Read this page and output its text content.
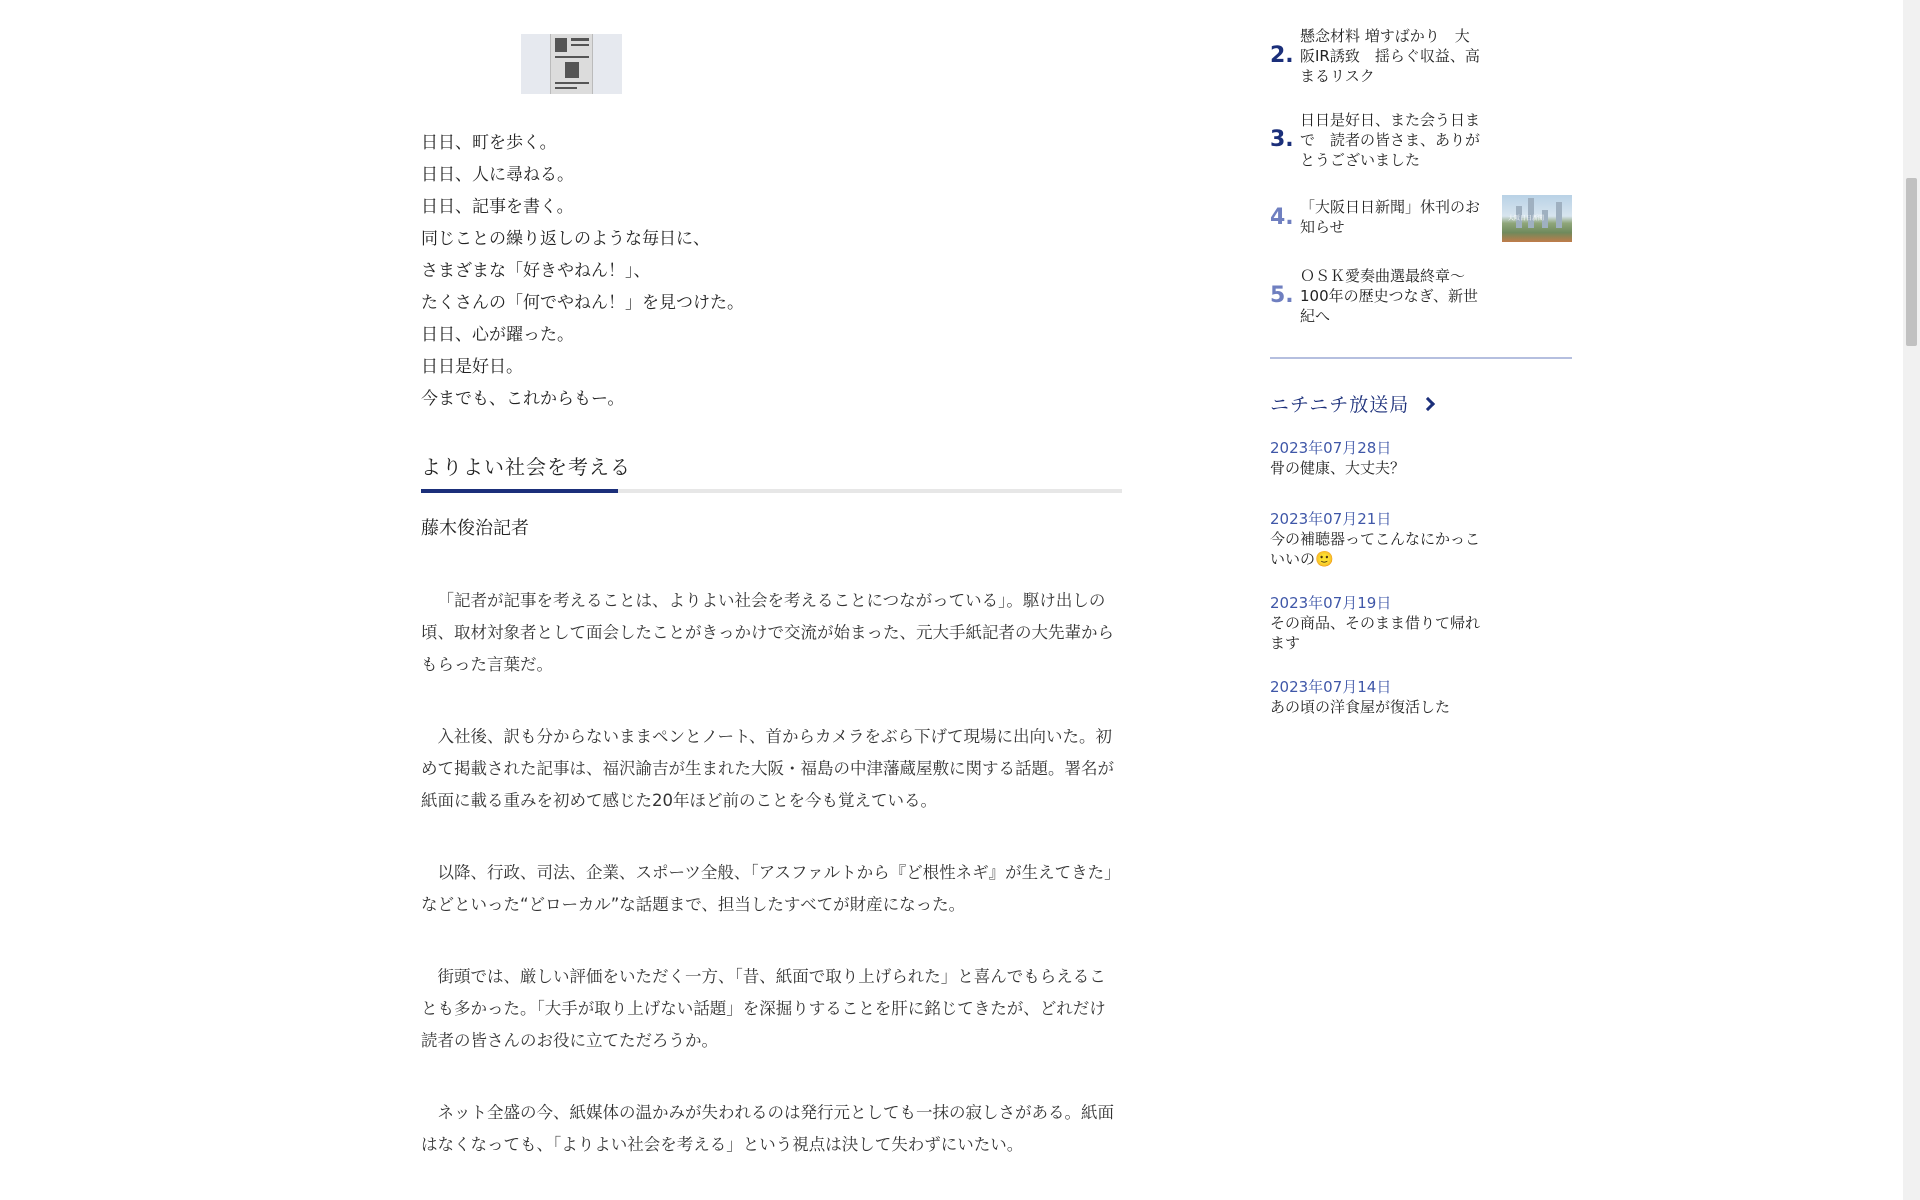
日日、町を歩く。
日日、人に尋ねる。
日日、記事を書く。
同じことの繰り返しのような毎日に、
さまざまな「好きやねん！」、
たくさんの「何でやねん！」を見つけた。
日日、心が躍った。
日日是好日。
今までも、これからもー。
よりよい社会を考える
藤木俊治記者

「記者が記事を考えることは、よりよい社会を考えることにつながっている」。駆け出しの頃、取材対象者として面会したことがきっかけで交流が始まった、元大手紙記者の大先輩からもらった言葉だ。

入社後、訳も分からないままペンとノート、首からカメラをぶら下げて現場に出向いた。初めて掲載された記事は、福沢諭吉が生まれた大阪・福島の中津藩蔵屋敷に関する話題。署名が紙面に載る重みを初めて感じた20年ほど前のことを今も覚えている。

以降、行政、司法、企業、スポーツ全般、「アスファルトから『ど根性ネギ』が生えてきた」などといった“どローカル”な話題まで、担当したすべてが財産になった。

街頭では、厳しい評価をいただく一方、「昔、紙面で取り上げられた」と喜んでもらえることも多かった。「大手が取り上げない話題」を深掘りすることを肝に銘じてきたが、どれだけ読者の皆さんのお役に立てただろうか。

ネット全盛の今、紙媒体の温かみが失われるのは発行元としても一抹の寂しさがある。紙面はなくなっても、「よりよい社会を考える」という視点は決して失わずにいたい。

2.
懸念材料 増すばかり　大阪IR誘致　揺らぐ収益、高まるリスク
3.
日日是好日、また会う日まで　読者の皆さま、ありがとうございました
4. 「大阪日日新聞」休刊のお知らせ	大阪日日新聞
5.
ＯＳＫ愛奏曲選最終章～100年の歴史つなぎ、新世紀へ
ニチニチ放送局
2023年07月28日
骨の健康、大丈夫？
2023年07月21日
今の補聴器ってこんなにかっこいいの🙂
2023年07月19日
その商品、そのまま借りて帰れます
2023年07月14日
あの頃の洋食屋が復活した
